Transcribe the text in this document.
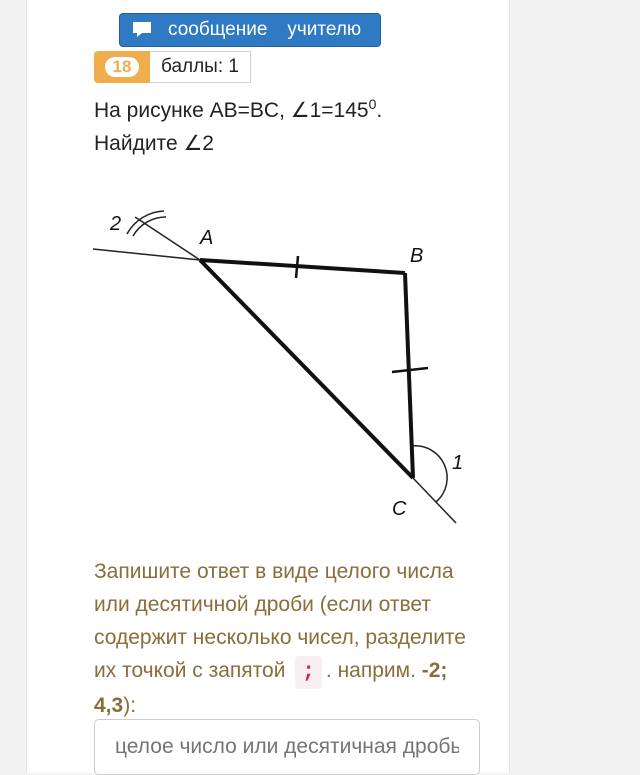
сообщение учителю
18	баллы: 1
На рисунке AB=BC, $\angle 1=145^0$.
Найдите ∠2
2
A
B
1
C
Запишите ответ в виде целого числа или десятичной дроби (если ответ содержит несколько чисел, разделите их точкой с запятой ; . наприм. -2; 4,3):
целое число или десятичная дробь
